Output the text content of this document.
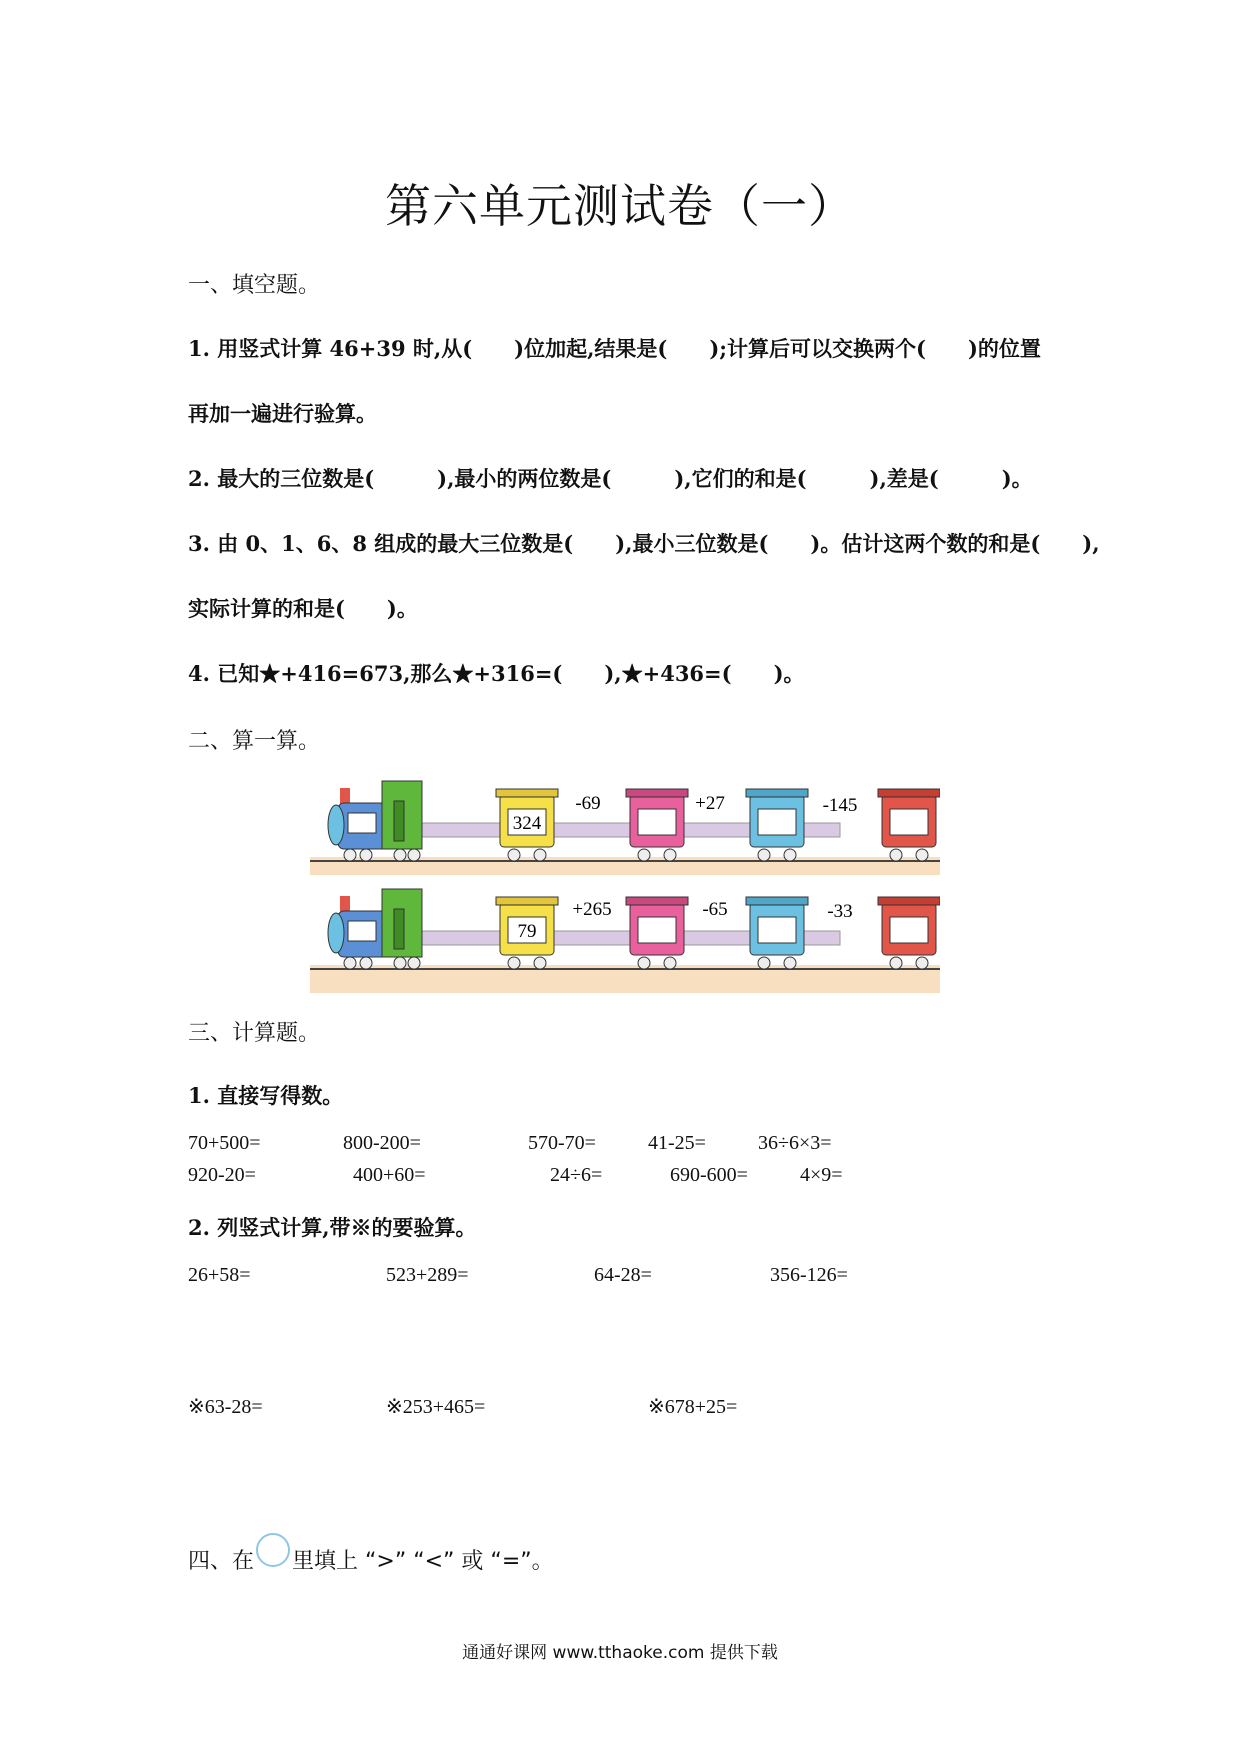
第六单元测试卷（一）
一、填空题。
1. 用竖式计算 46+39 时,从(　　)位加起,结果是(　　);计算后可以交换两个(　　)的位置
再加一遍进行验算。
2. 最大的三位数是(　　　),最小的两位数是(　　　),它们的和是(　　　),差是(　　　)。
3. 由 0、1、6、8 组成的最大三位数是(　　),最小三位数是(　　)。估计这两个数的和是(　　),
实际计算的和是(　　)。
4. 已知★+416=673,那么★+316=(　　),★+436=(　　)。
二、算一算。
324
-69	+27	-145
79
+265	-65	-33
三、计算题。
1. 直接写得数。
70+500=	800-200=	570-70=	41-25=	36÷6×3=
920-20=	400+60=	24÷6=	690-600=	4×9=
2. 列竖式计算,带※的要验算。
26+58=	523+289=	64-28=	356-126=
※63-28=	※253+465=	※678+25=
四、在 里填上 “>” “<” 或 “=”。
通通好课网 www.tthaoke.com 提供下载
